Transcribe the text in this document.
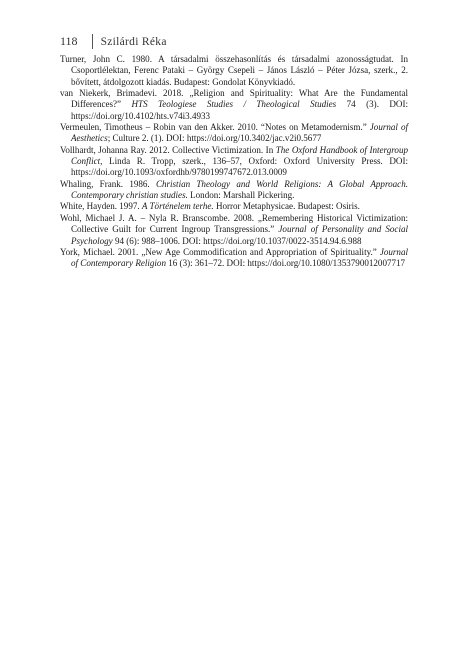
118 Szilárdi Réka

Turner, John C. 1980. A társadalmi összehasonlítás és társadalmi azonosságtudat. In Csoportlélektan, Ferenc Pataki – György Csepeli – János László – Péter Józsa, szerk., 2. bővített, átdolgozott kiadás. Budapest: Gondolat Könyvkiadó.

van Niekerk, Brimadevi. 2018. „Religion and Spirituality: What Are the Fundamental Differences?” HTS Teologiese Studies / Theological Studies 74 (3). DOI: https://doi.org/10.4102/hts.v74i3.4933

Vermeulen, Timotheus – Robin van den Akker. 2010. “Notes on Metamodernism.” Journal of Aesthetics; Culture 2. (1). DOI: https://doi.org/10.3402/jac.v2i0.5677

Vollhardt, Johanna Ray. 2012. Collective Victimization. In The Oxford Handbook of Intergroup Conflict, Linda R. Tropp, szerk., 136–57, Oxford: Oxford University Press. DOI: https://doi.org/10.1093/oxfordhb/9780199747672.013.0009

Whaling, Frank. 1986. Christian Theology and World Religions: A Global Approach. Contemporary christian studies. London: Marshall Pickering.

White, Hayden. 1997. A Történelem terhe. Horror Metaphysicae. Budapest: Osiris.

Wohl, Michael J. A. – Nyla R. Branscombe. 2008. „Remembering Historical Victimization: Collective Guilt for Current Ingroup Transgressions.” Journal of Personality and Social Psychology 94 (6): 988–1006. DOI: https://doi.org/10.1037/0022-3514.94.6.988

York, Michael. 2001. „New Age Commodification and Appropriation of Spirituality.” Journal of Contemporary Religion 16 (3): 361–72. DOI: https://doi.org/10.1080/1353790012007717
